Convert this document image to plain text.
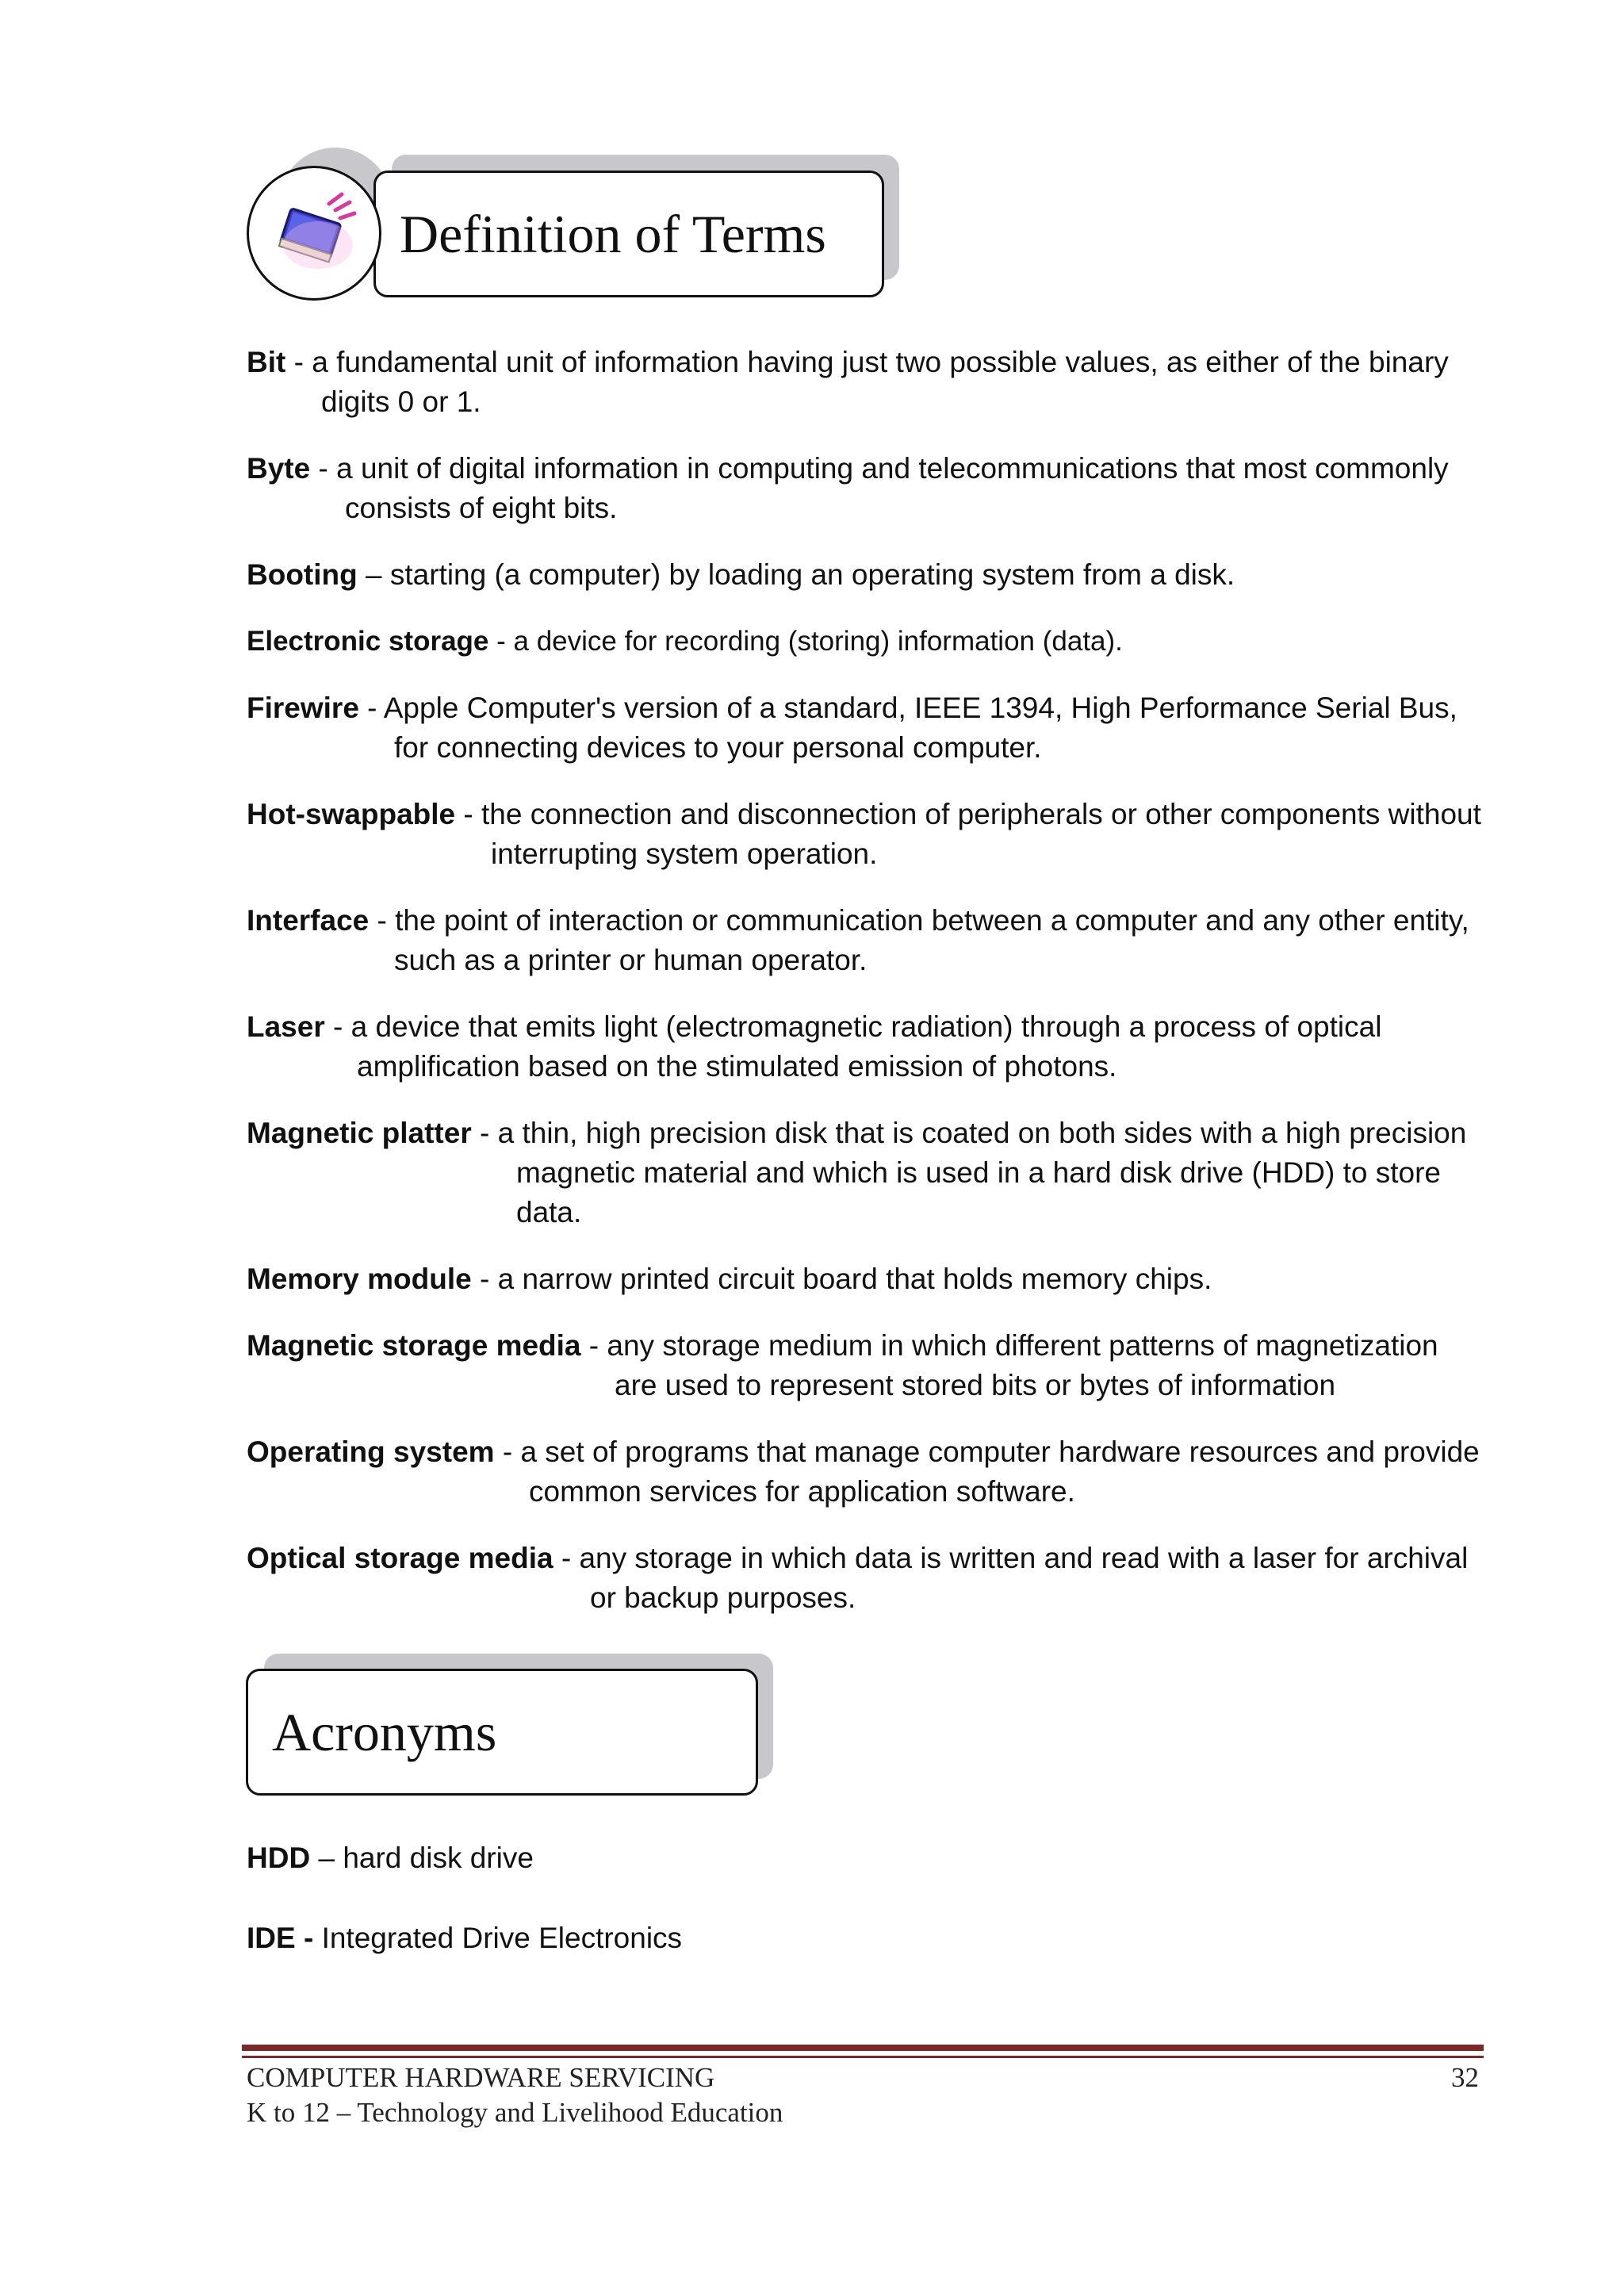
Definition of Terms
Bit - a fundamental unit of information having just two possible values, as either of the binary digits 0 or 1.
Byte - a unit of digital information in computing and telecommunications that most commonly consists of eight bits.
Booting – starting (a computer) by loading an operating system from a disk.
Electronic storage - a device for recording (storing) information (data).
Firewire - Apple Computer's version of a standard, IEEE 1394, High Performance Serial Bus, for connecting devices to your personal computer.
Hot-swappable - the connection and disconnection of peripherals or other components without interrupting system operation.
Interface - the point of interaction or communication between a computer and any other entity, such as a printer or human operator.
Laser - a device that emits light (electromagnetic radiation) through a process of optical amplification based on the stimulated emission of photons.
Magnetic platter - a thin, high precision disk that is coated on both sides with a high precision magnetic material and which is used in a hard disk drive (HDD) to store data.
Memory module - a narrow printed circuit board that holds memory chips.
Magnetic storage media - any storage medium in which different patterns of magnetization are used to represent stored bits or bytes of information
Operating system - a set of programs that manage computer hardware resources and provide common services for application software.
Optical storage media - any storage in which data is written and read with a laser for archival or backup purposes.
Acronyms
HDD – hard disk drive
IDE - Integrated Drive Electronics
COMPUTER HARDWARE SERVICING
K to 12 – Technology and Livelihood Education
32
